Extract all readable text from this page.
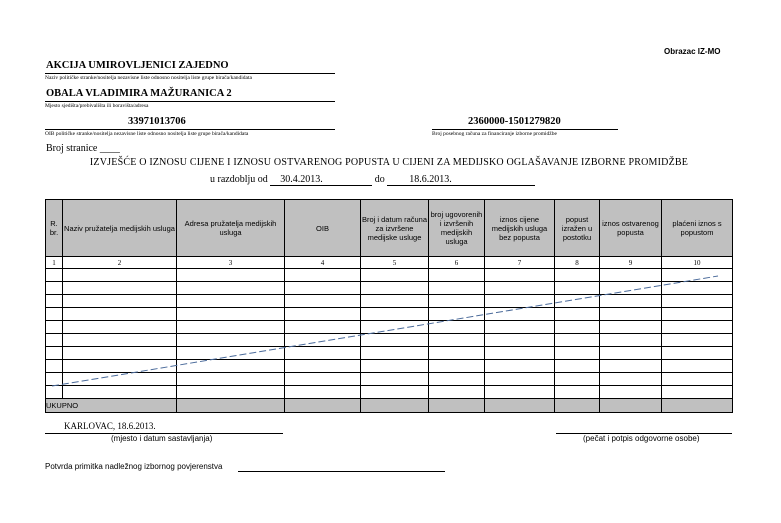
Obrazac IZ-MO
AKCIJA UMIROVLJENICI ZAJEDNO
Naziv političke stranke/nositelja nezavisne liste odnosno nositelja liste grupe birača/kandidata
OBALA VLADIMIRA MAŽURANICA 2
Mjesto sjedišta/prebivališta ili boravišta/adresa
33971013706
OIB političke stranke/nositelja nezavisne liste odnosno nositelja liste grupe birača/kandidata
2360000-1501279820
Broj posebnog računa za financiranje izborne promidžbe
Broj stranice ____
IZVJEŠĆE O IZNOSU CIJENE I IZNOSU OSTVARENOG POPUSTA U CIJENI ZA MEDIJSKO OGLAŠAVANJE IZBORNE PROMIDŽBE
u razdoblju od 30.4.2013.	do 18.6.2013.
R. br.	Naziv pružatelja medijskih usluga	Adresa pružatelja medijskih usluga	OIB	Broj i datum računa za izvršene medijske usluge	broj ugovorenih i izvršenih medijskih usluga	iznos cijene medijskih usluga bez popusta	popust izražen u postotku	iznos ostvarenog popusta	plaćeni iznos s popustom
1	2	3	4	5	6	7	8	9	10

UKUPNO									
KARLOVAC, 18.6.2013.
(mjesto i datum sastavljanja)	(pečat i potpis odgovorne osobe)
Potvrda primitka nadležnog izbornog povjerenstva
